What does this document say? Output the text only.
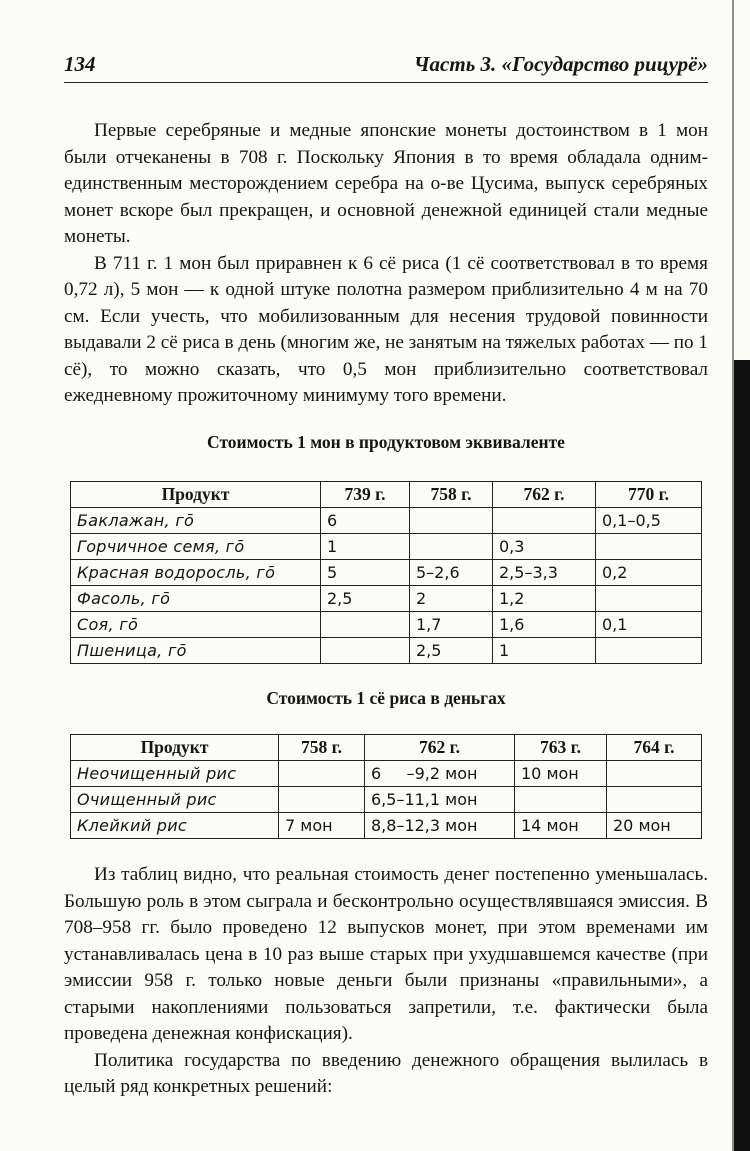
134	Часть 3. «Государство рицурё»

Первые серебряные и медные японские монеты достоинством в 1 мон были отчеканены в 708 г. Поскольку Япония в то время обладала одним-единственным месторождением серебра на о-ве Цусима, выпуск серебряных монет вскоре был прекращен, и основной денежной единицей стали медные монеты.

В 711 г. 1 мон был приравнен к 6 сё риса (1 сё соответствовал в то время 0,72 л), 5 мон — к одной штуке полотна размером приблизительно 4 м на 70 см. Если учесть, что мобилизованным для несения трудовой повинности выдавали 2 сё риса в день (многим же, не занятым на тяжелых работах — по 1 сё), то можно сказать, что 0,5 мон приблизительно соответствовал ежедневному прожиточному минимуму того времени.

Стоимость 1 мон в продуктовом эквиваленте
Продукт	739 г.	758 г.	762 г.	770 г.
Баклажан, гō	6			0,1–0,5
Горчичное семя, гō	1		0,3	
Красная водоросль, гō	5	5–2,6	2,5–3,3	0,2
Фасоль, гō	2,5	2	1,2	
Соя, гō		1,7	1,6	0,1
Пшеница, гō		2,5	1	
Стоимость 1 сё риса в деньгах
Продукт	758 г.	762 г.	763 г.	764 г.
Неочищенный рис		6     –9,2 мон	10 мон	
Очищенный рис		6,5–11,1 мон		
Клейкий рис	7 мон	8,8–12,3 мон	14 мон	20 мон

Из таблиц видно, что реальная стоимость денег постепенно уменьшалась. Большую роль в этом сыграла и бесконтрольно осуществлявшаяся эмиссия. В 708–958 гг. было проведено 12 выпусков монет, при этом временами им устанавливалась цена в 10 раз выше старых при ухудшавшемся качестве (при эмиссии 958 г. только новые деньги были признаны «правильными», а старыми накоплениями пользоваться запретили, т.е. фактически была проведена денежная конфискация).

Политика государства по введению денежного обращения вылилась в целый ряд конкретных решений:
